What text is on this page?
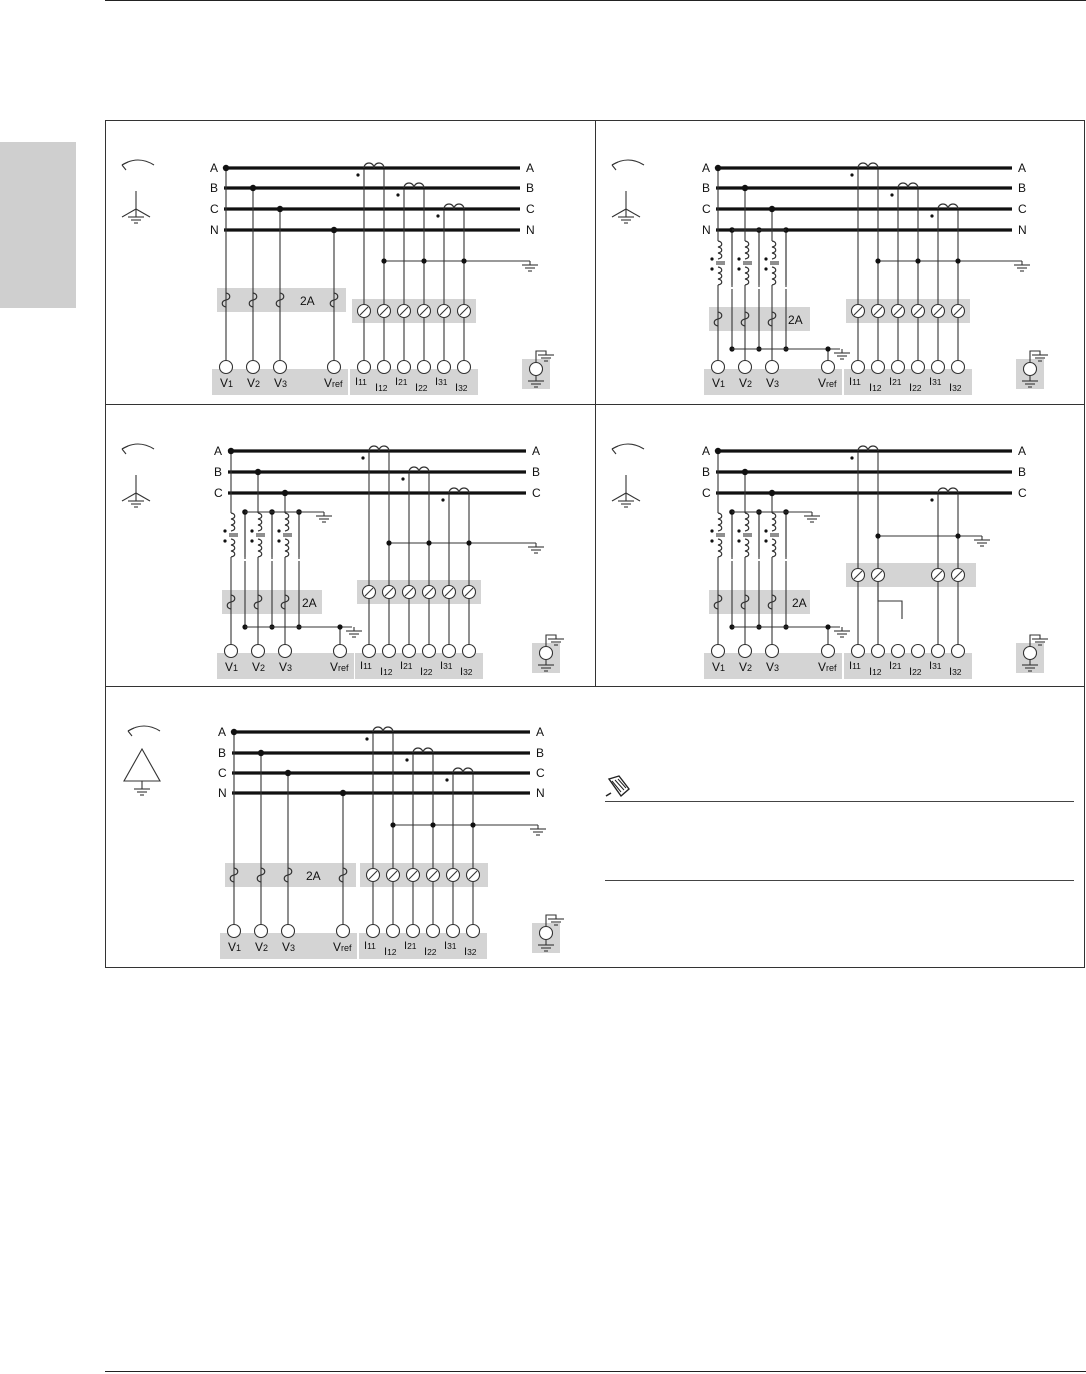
A	A
B	B
C	C
N	N
V1 V2 V3	Vref
2A
I11 I12 I21 I22 I31 I32
A	A
B	B
C	C
N	N
V1 V2 V3	Vref
2A
I11 I12 I21 I22 I31 I32
A	A
B	B
C	C
V1 V2 V3	Vref
2A
I11 I12 I21 I22 I31 I32
A	A
B	B
C	C
V1 V2 V3	Vref
2A
I11 I12 I21 I22 I31 I32
A	A
B	B
C	C
N	N
V1 V2 V3	Vref
2A
I11 I12 I21 I22 I31 I32
